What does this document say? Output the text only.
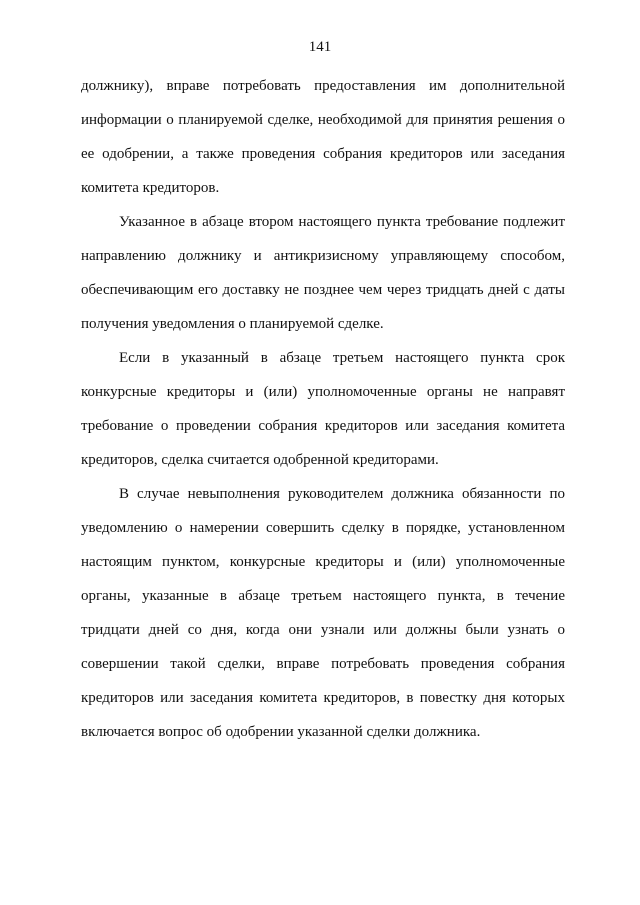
141

должнику), вправе потребовать предоставления им дополнительной
информации о планируемой сделке, необходимой для принятия решения о
ее одобрении, а также проведения собрания кредиторов или заседания
комитета кредиторов.

Указанное в абзаце втором настоящего пункта требование подлежит
направлению должнику и антикризисному управляющему способом,
обеспечивающим его доставку не позднее чем через тридцать дней с даты
получения уведомления о планируемой сделке.

Если в указанный в абзаце третьем настоящего пункта срок
конкурсные кредиторы и (или) уполномоченные органы не направят
требование о проведении собрания кредиторов или заседания комитета
кредиторов, сделка считается одобренной кредиторами.

В случае невыполнения руководителем должника обязанности по
уведомлению о намерении совершить сделку в порядке, установленном
настоящим пунктом, конкурсные кредиторы и (или) уполномоченные
органы, указанные в абзаце третьем настоящего пункта, в течение
тридцати дней со дня, когда они узнали или должны были узнать о
совершении такой сделки, вправе потребовать проведения собрания
кредиторов или заседания комитета кредиторов, в повестку дня которых
включается вопрос об одобрении указанной сделки должника.
